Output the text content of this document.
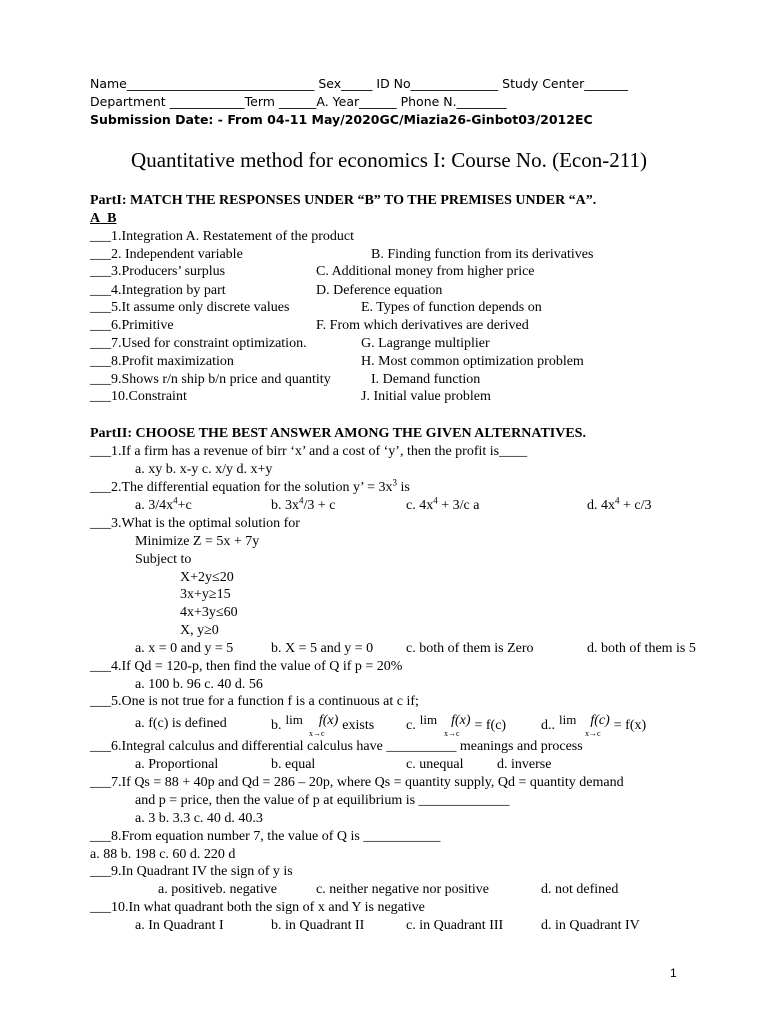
Name______________________________ Sex_____ ID No______________ Study Center_______
Department ____________Term ______A. Year______ Phone N.________
Submission Date: - From 04-11 May/2020GC/Miazia26-Ginbot03/2012EC
Quantitative method for economics I: Course No. (Econ-211)
PartI: MATCH THE RESPONSES UNDER “B” TO THE PREMISES UNDER “A”.
A B
___1.Integration A. Restatement of the product
___2. Independent variable	B. Finding function from its derivatives
___3.Producers’ surplus	C. Additional money from higher price
___4.Integration by part	D. Deference equation
___5.It assume only discrete values	E. Types of function depends on
___6.Primitive	F. From which derivatives are derived
___7.Used for constraint optimization.	G. Lagrange multiplier
___8.Profit maximization	H. Most common optimization problem
___9.Shows r/n ship b/n price and quantity	I. Demand function
___10.Constraint	J. Initial value problem
PartII: CHOOSE THE BEST ANSWER AMONG THE GIVEN ALTERNATIVES.
___1.If a firm has a revenue of birr ‘x’ and a cost of ‘y’, then the profit is____
a. xy b. x-y c. x/y d. x+y
___2.The differential equation for the solution y’ = $3x^3$ is
a. $3/4x^4+c$	b. $3x^4/3 + c$	c. $4x^4 + 3/c$ a	d. $4x^4 + c/3$
___3.What is the optimal solution for
Minimize Z = 5x + 7y
Subject to
X+2y≤20
3x+y≥15
4x+3y≤60
X, y≥0
a. x = 0 and y = 5	b. X = 5 and y = 0 c. both of them is Zero	d. both of them is 5
___4.If Qd = 120-p, then find the value of Q if p = 20%
a. 100 b. 96 c. 40 d. 56
___5.One is not true for a function f is a continuous at c if;
a. f(c) is defined	b. lim
x→c
f(x) exists c. lim
x→c
f(x) = f(c) d.. lim
x→c
f(c) = f(x)
___6.Integral calculus and differential calculus have __________ meanings and process
a. Proportional	b. equal	c. unequal d. inverse
___7.If Qs = 88 + 40p and Qd = 286 – 20p, where Qs = quantity supply, Qd = quantity demand
and p = price, then the value of p at equilibrium is _____________
a. 3 b. 3.3 c. 40 d. 40.3
___8.From equation number 7, the value of Q is ___________
a. 88 b. 198 c. 60 d. 220 d
___9.In Quadrant IV the sign of y is
a. positiveb. negative	c. neither negative nor positive	d. not defined
___10.In what quadrant both the sign of x and Y is negative
a. In Quadrant I	b. in Quadrant II	c. in Quadrant III	d. in Quadrant IV
1
